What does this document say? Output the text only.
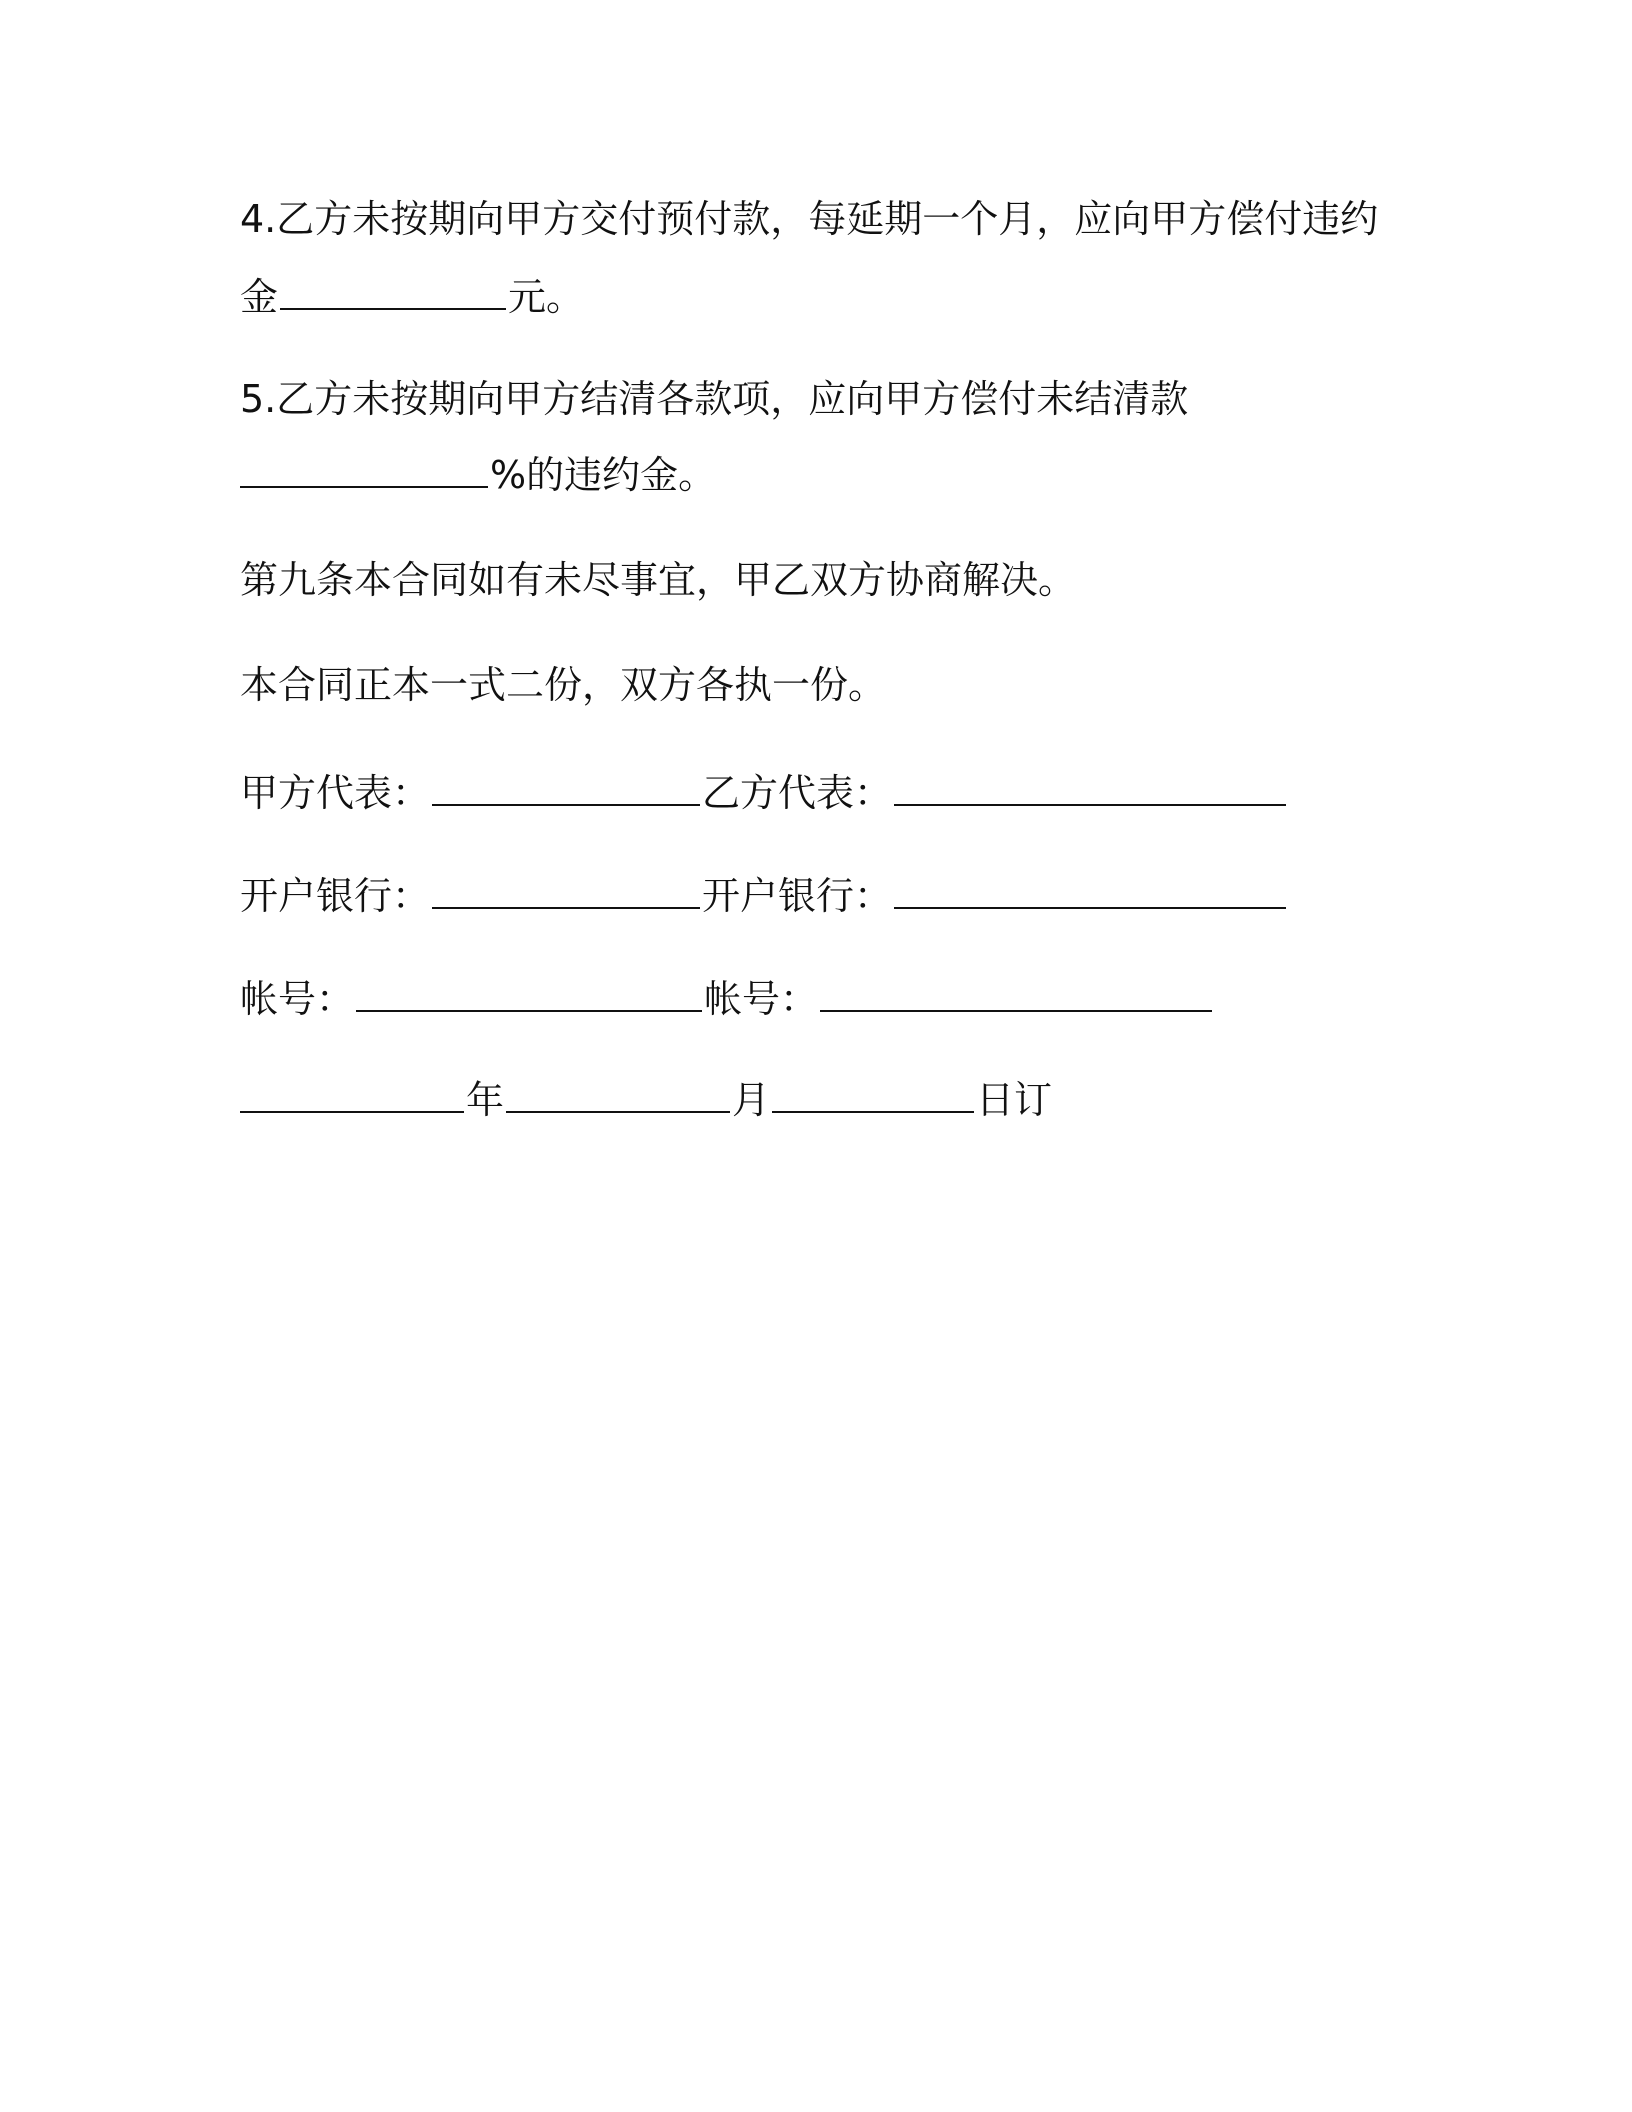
4.乙方未按期向甲方交付预付款，每延期一个月，应向甲方偿付违约
金	元。
5.乙方未按期向甲方结清各款项，应向甲方偿付未结清款
%的违约金。
第九条本合同如有未尽事宜，甲乙双方协商解决。
本合同正本一式二份，双方各执一份。
甲方代表：	乙方代表：
开户银行：	开户银行：
帐号：	帐号：
年	月	日订
